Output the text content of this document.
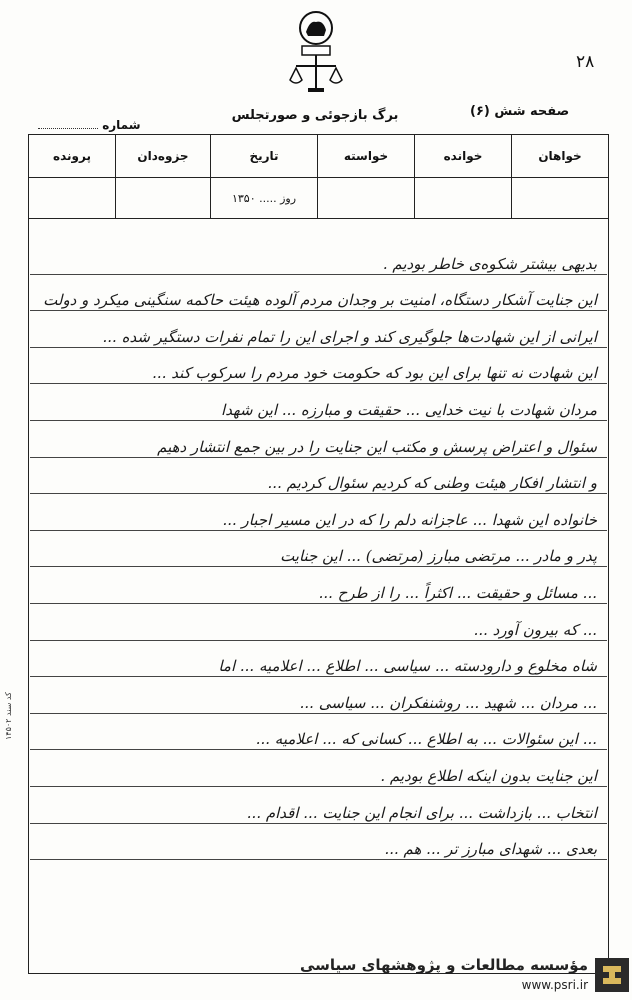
۲۸
برگ بازجوئی و صورتجلس	صفحه شش (۶)
شماره
خواهان	خوانده	خواسته	تاریخ	جزوه‌دان	پرونده
			روز ..... ۱۳۵۰		
بدیهی بیشتر شکوه‌ی خاطر بودیم .
این جنایت آشکار دستگاه، امنیت بر وجدان مردم آلوده هیئت حاکمه سنگینی میکرد و دولت
ایرانی از این شهادت‌ها جلوگیری کند و اجرای این را تمام نفرات دستگیر شده ...
این شهادت نه تنها برای این بود که حکومت خود مردم را سرکوب کند ...
مردان شهادت با نیت خدایی ... حقیقت و مبارزه ... این شهدا
سئوال و اعتراض پرسش و مکتب این جنایت را در بین جمع انتشار دهیم
و انتشار افکار هیئت وطنی که کردیم سئوال کردیم ...
خانواده این شهدا ... عاجزانه دلم را که در این مسیر اجبار ...
پدر و مادر ... مرتضی مبارز (مرتضی) ... این جنایت
... مسائل و حقیقت ... اکثراً ... را از طرح ...
... که بیرون آورد ...
شاه مخلوع و دارودسته ... سیاسی ... اطلاع ... اعلامیه ... اما
... مردان ... شهید ... روشنفکران ... سیاسی ...
... این سئوالات ... به اطلاع ... کسانی که ... اعلامیه ...
این جنایت بدون اینکه اطلاع بودیم .
انتخاب ... بازداشت ... برای انجام این جنایت ... اقدام ...
بعدی ... شهدای مبارز تر ... هم ...
کد سند ۱۴۵۰۲
مؤسسه مطالعات و پژوهشهای سیاسی
www.psri.ir
